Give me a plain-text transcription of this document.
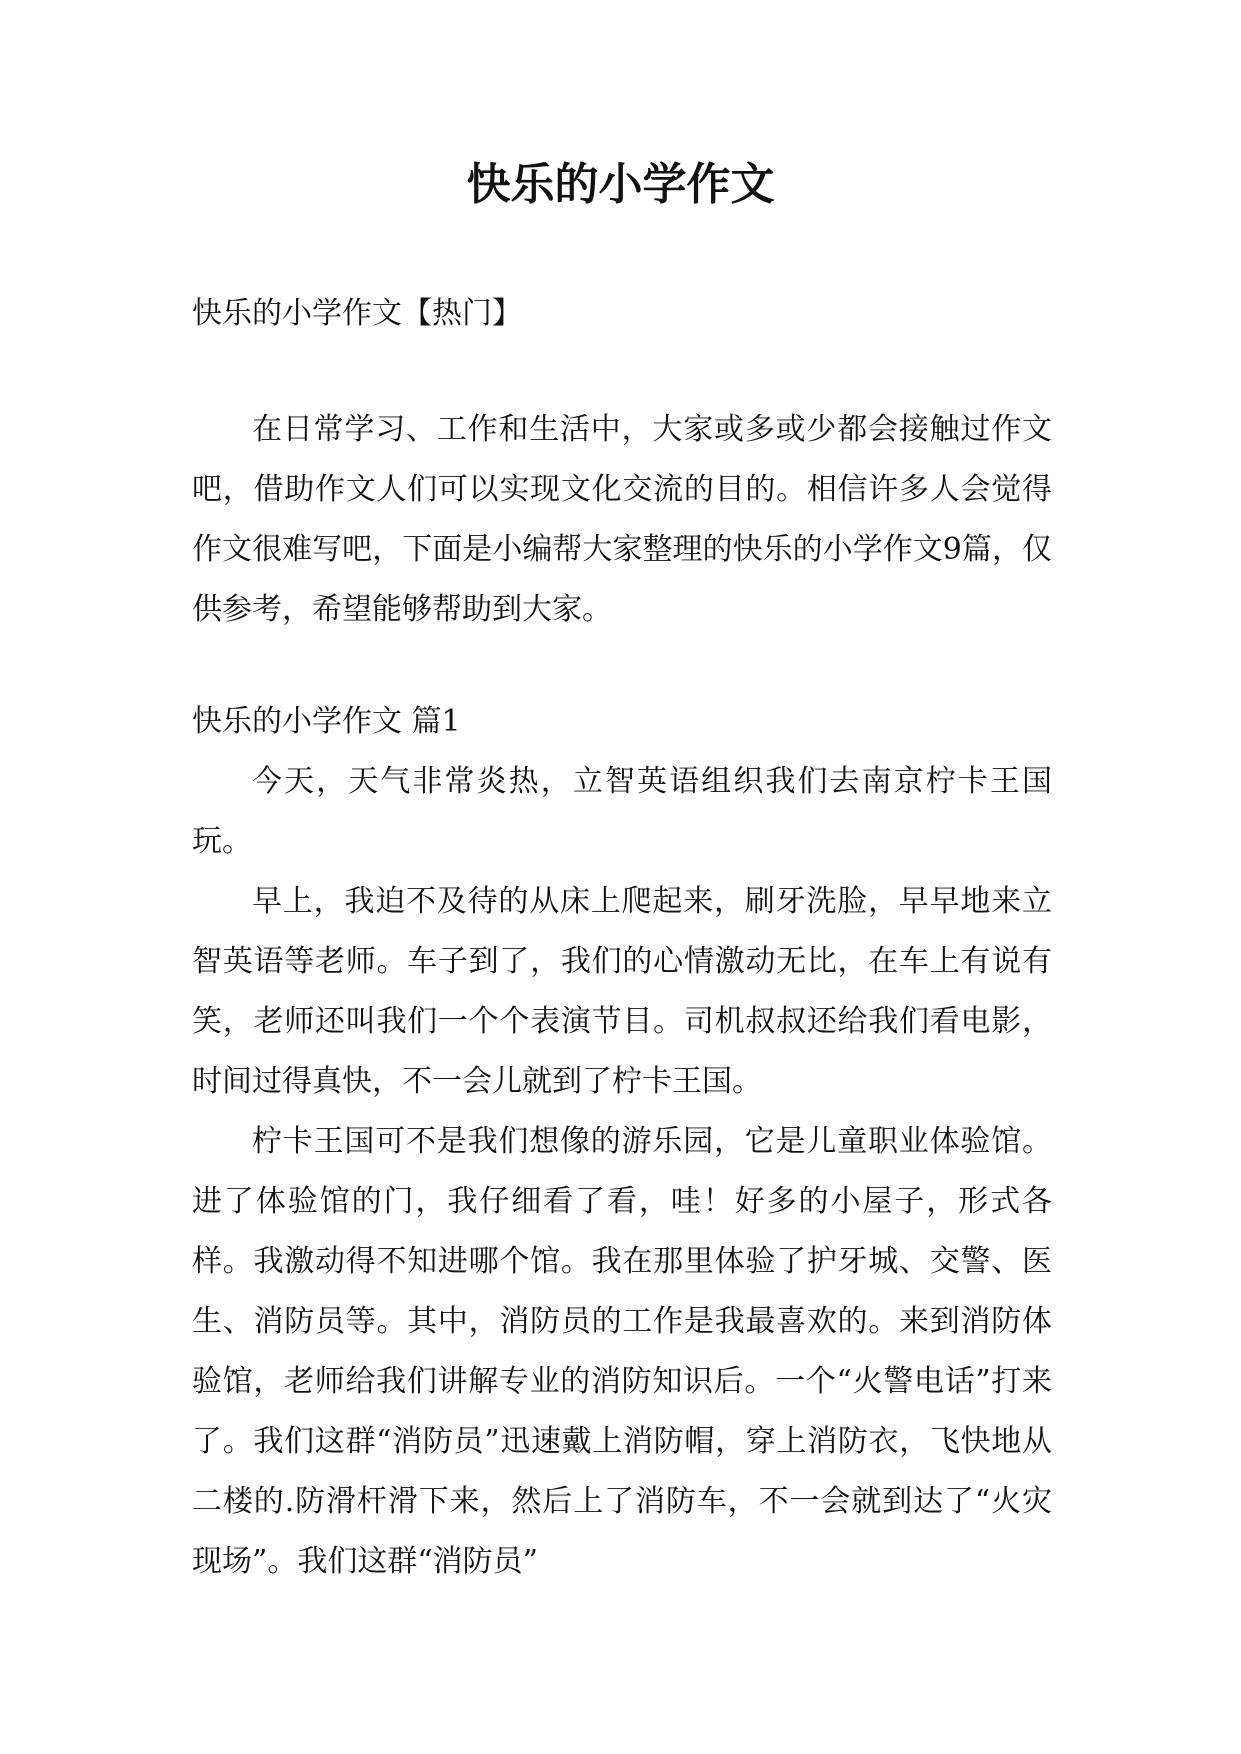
快乐的小学作文
快乐的小学作文【热门】

在日常学习、工作和生活中，大家或多或少都会接触过作文吧，借助作文人们可以实现文化交流的目的。相信许多人会觉得作文很难写吧，下面是小编帮大家整理的快乐的小学作文9篇，仅供参考，希望能够帮助到大家。

快乐的小学作文 篇1

今天，天气非常炎热，立智英语组织我们去南京柠卡王国玩。

早上，我迫不及待的从床上爬起来，刷牙洗脸，早早地来立智英语等老师。车子到了，我们的心情激动无比，在车上有说有笑，老师还叫我们一个个表演节目。司机叔叔还给我们看电影，时间过得真快，不一会儿就到了柠卡王国。

柠卡王国可不是我们想像的游乐园，它是儿童职业体验馆。进了体验馆的门，我仔细看了看，哇！好多的小屋子，形式各样。我激动得不知进哪个馆。我在那里体验了护牙城、交警、医生、消防员等。其中，消防员的工作是我最喜欢的。来到消防体验馆，老师给我们讲解专业的消防知识后。一个“火警电话”打来了。我们这群“消防员”迅速戴上消防帽，穿上消防衣，飞快地从二楼的.防滑杆滑下来，然后上了消防车，不一会就到达了“火灾现场”。我们这群“消防员”
